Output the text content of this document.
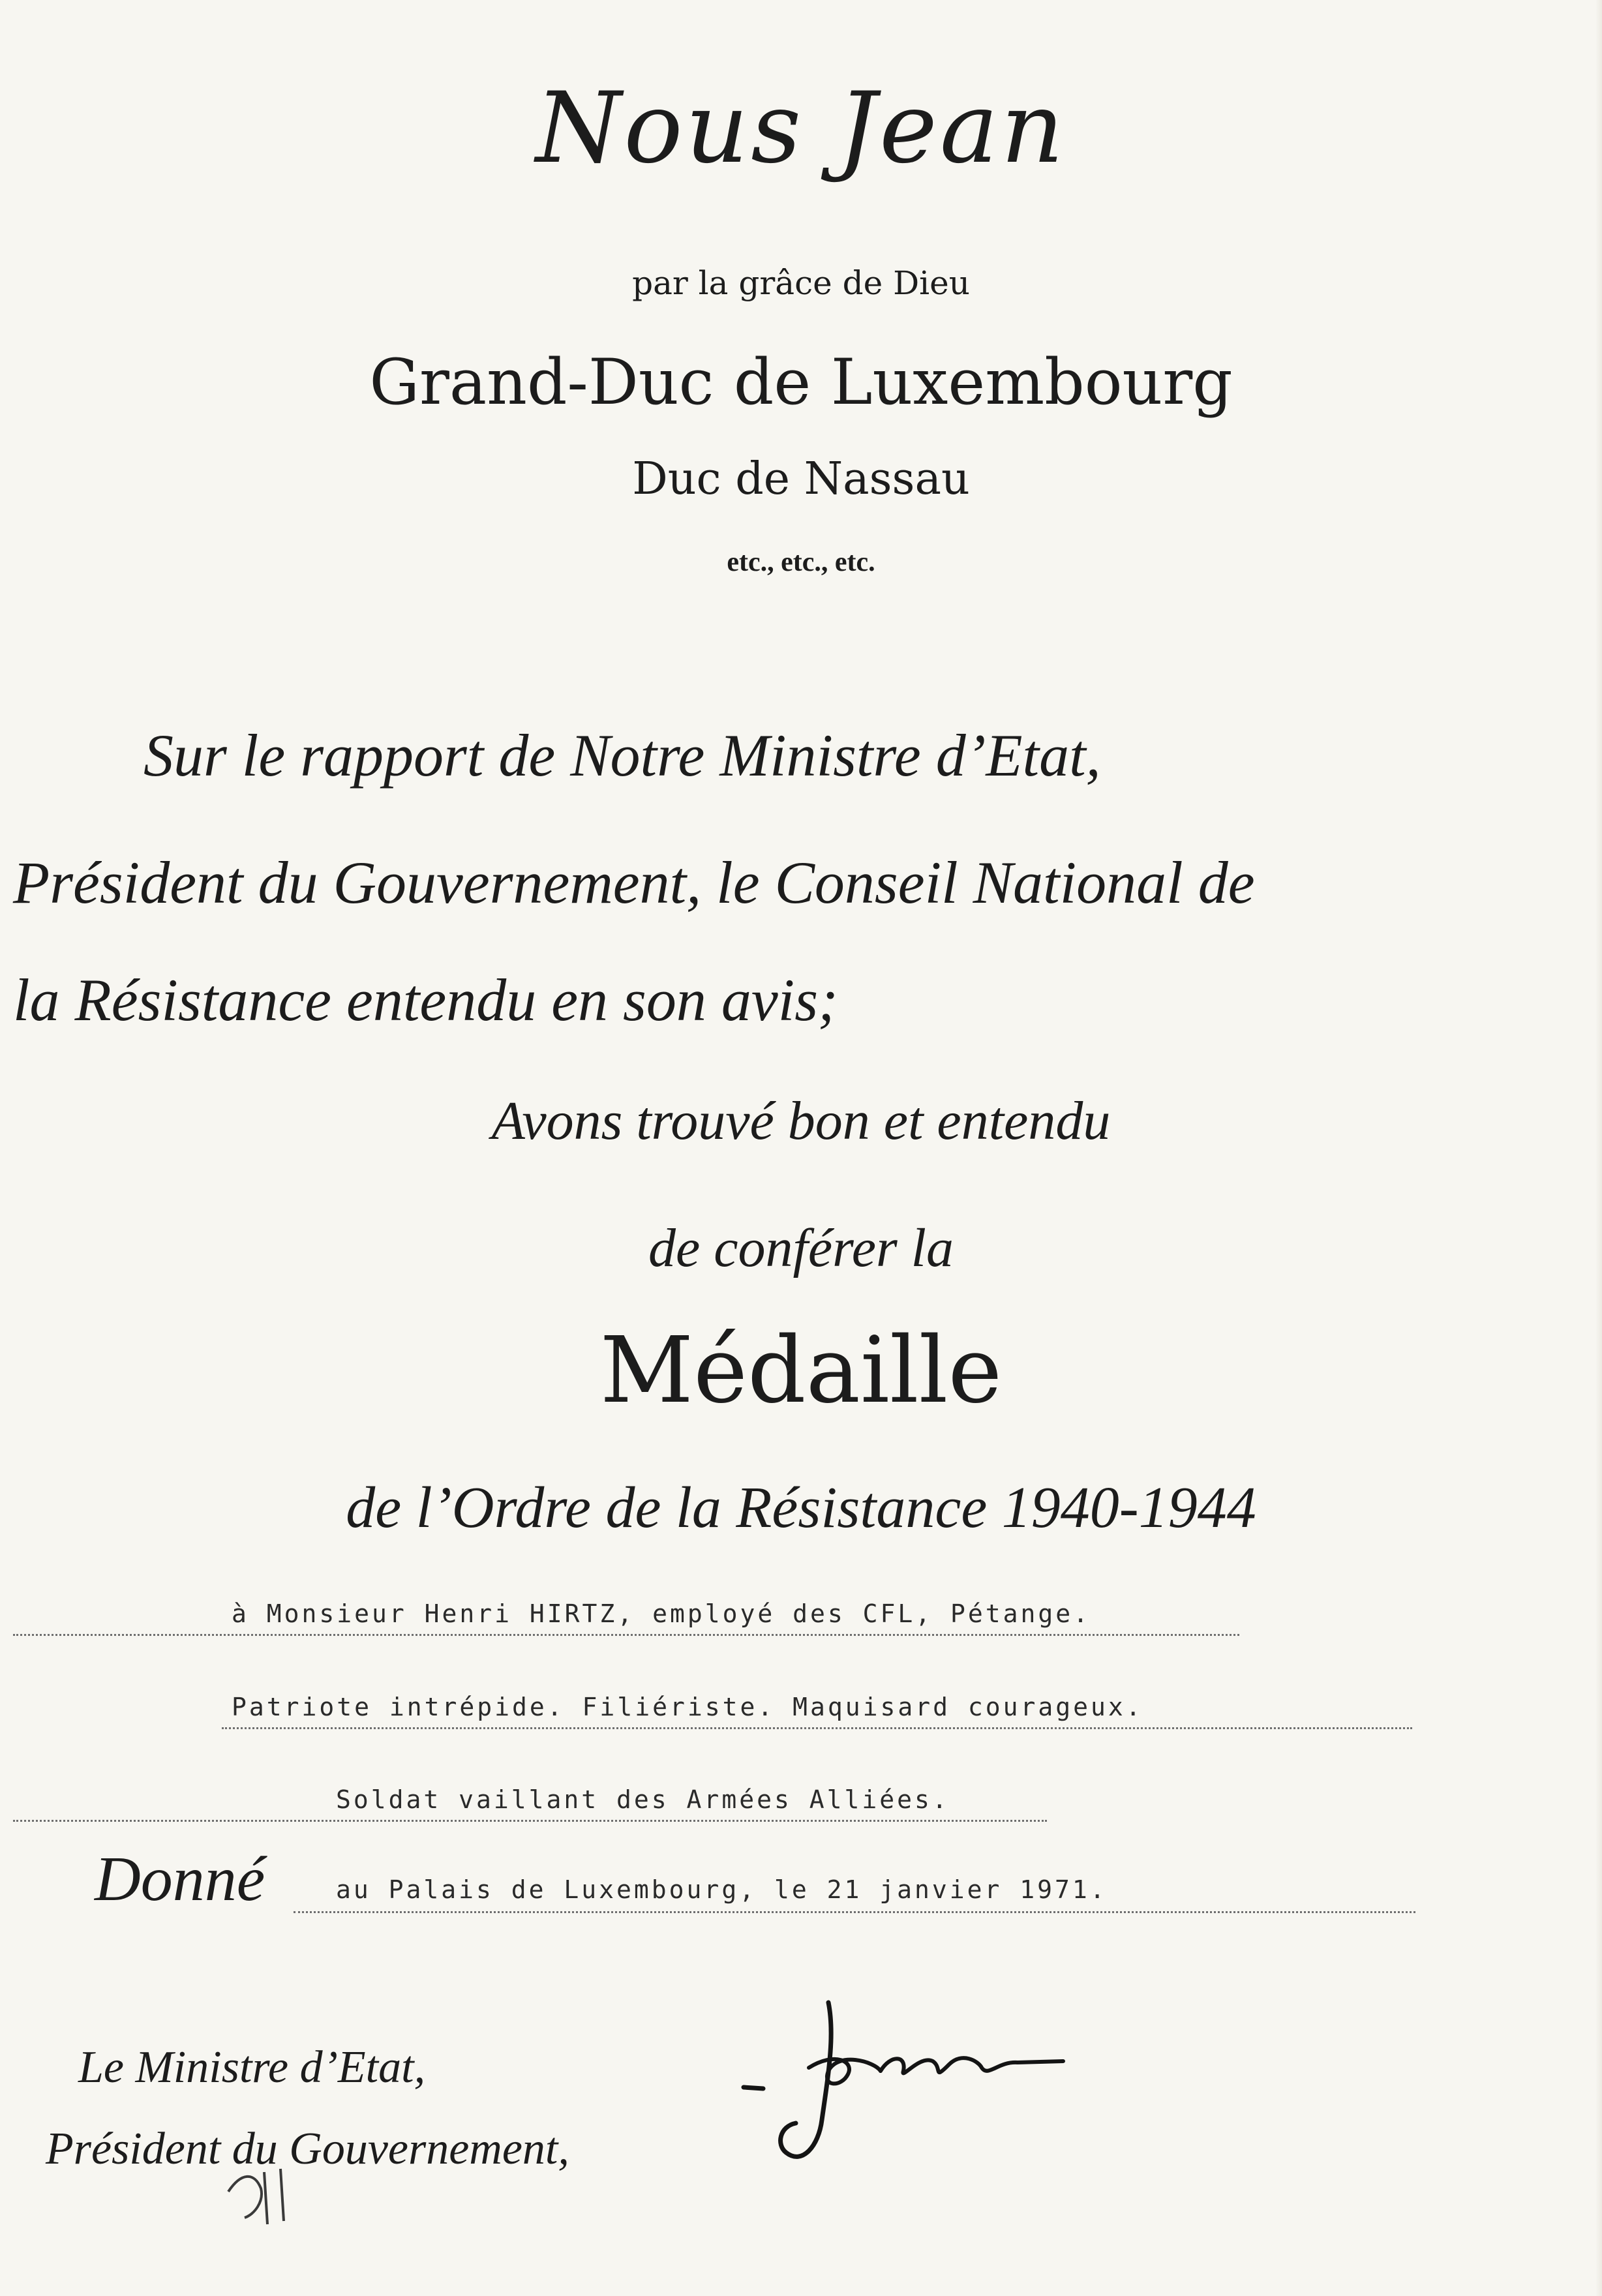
Nous Jean
par la grâce de Dieu
Grand-Duc de Luxembourg
Duc de Nassau
etc., etc., etc.
Sur le rapport de Notre Ministre d’Etat,
Président du Gouvernement, le Conseil National de
la Résistance entendu en son avis;
Avons trouvé bon et entendu
de conférer la
Médaille
de l’Ordre de la Résistance 1940-1944
à Monsieur Henri HIRTZ, employé des CFL, Pétange.
Patriote intrépide. Filiériste. Maquisard courageux.
Soldat vaillant des Armées Alliées.
Donné	au Palais de Luxembourg, le 21 janvier 1971.
Le Ministre d’Etat,
Président du Gouvernement,
